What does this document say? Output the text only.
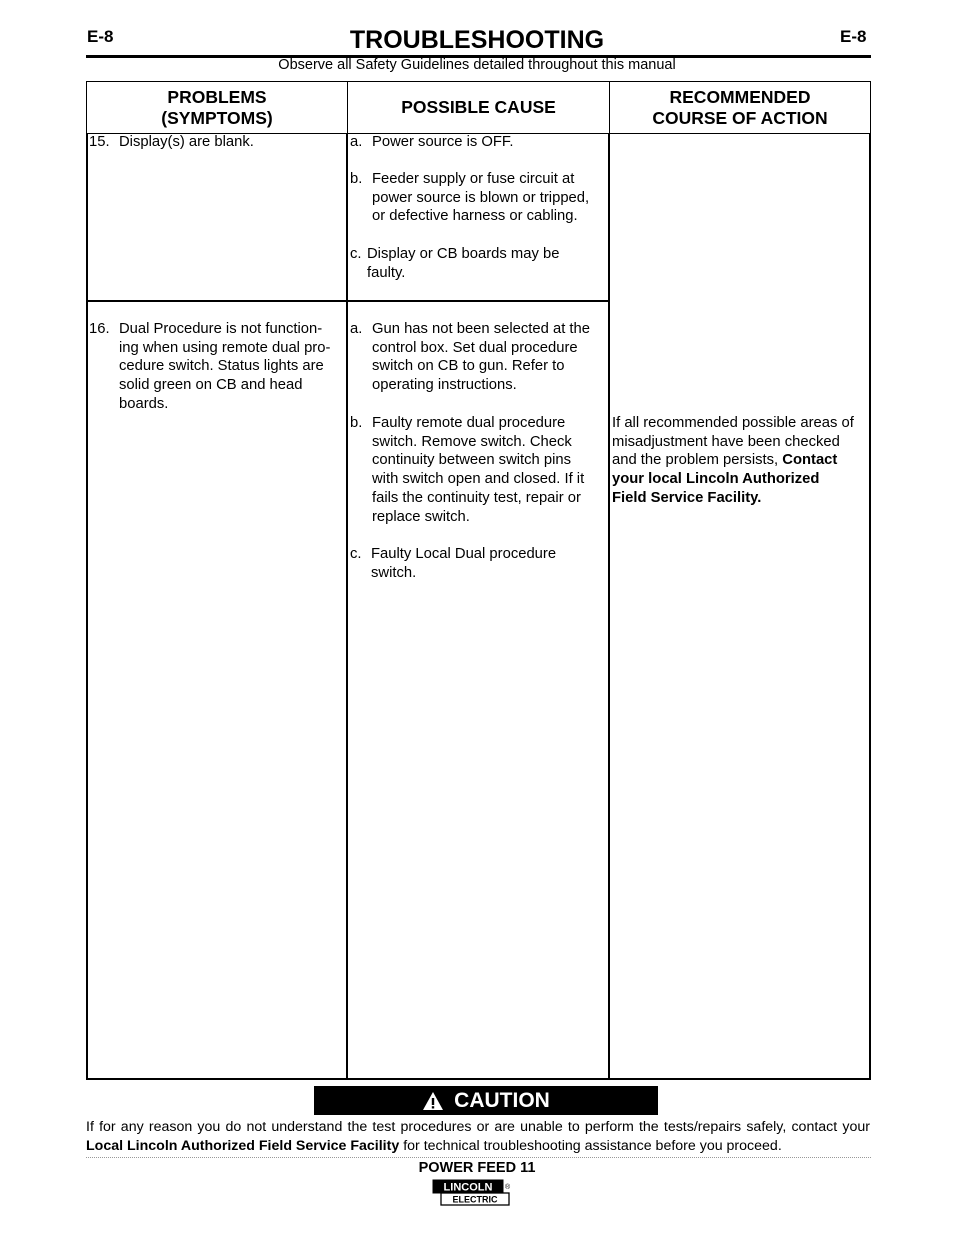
E-8	E-8
TROUBLESHOOTING
Observe all Safety Guidelines detailed throughout this manual
PROBLEMS
(SYMPTOMS)
POSSIBLE CAUSE
RECOMMENDED
COURSE OF ACTION
15. Display(s) are blank.	a. Power source is OFF.
b. Feeder supply or fuse circuit at
power source is blown or tripped,
or defective harness or cabling.
c. Display or CB boards may be
faulty.
16. Dual Procedure is not function-
ing when using remote dual pro-
cedure switch. Status lights are
solid green on CB and head
boards.
a. Gun has not been selected at the
control box. Set dual procedure
switch on CB to gun. Refer to
operating instructions.
b. Faulty remote dual procedure
switch. Remove switch. Check
continuity between switch pins
with switch open and closed. If it
fails the continuity test, repair or
replace switch.
c. Faulty Local Dual procedure
switch.
If all recommended possible areas of
misadjustment have been checked
and the problem persists, Contact
your local Lincoln Authorized
Field Service Facility.
CAUTION
If for any reason you do not understand the test procedures or are unable to perform the tests/repairs safely, contact your Local Lincoln Authorized Field Service Facility for technical troubleshooting assistance before you proceed.
POWER FEED 11
LINCOLN
ELECTRIC
®
